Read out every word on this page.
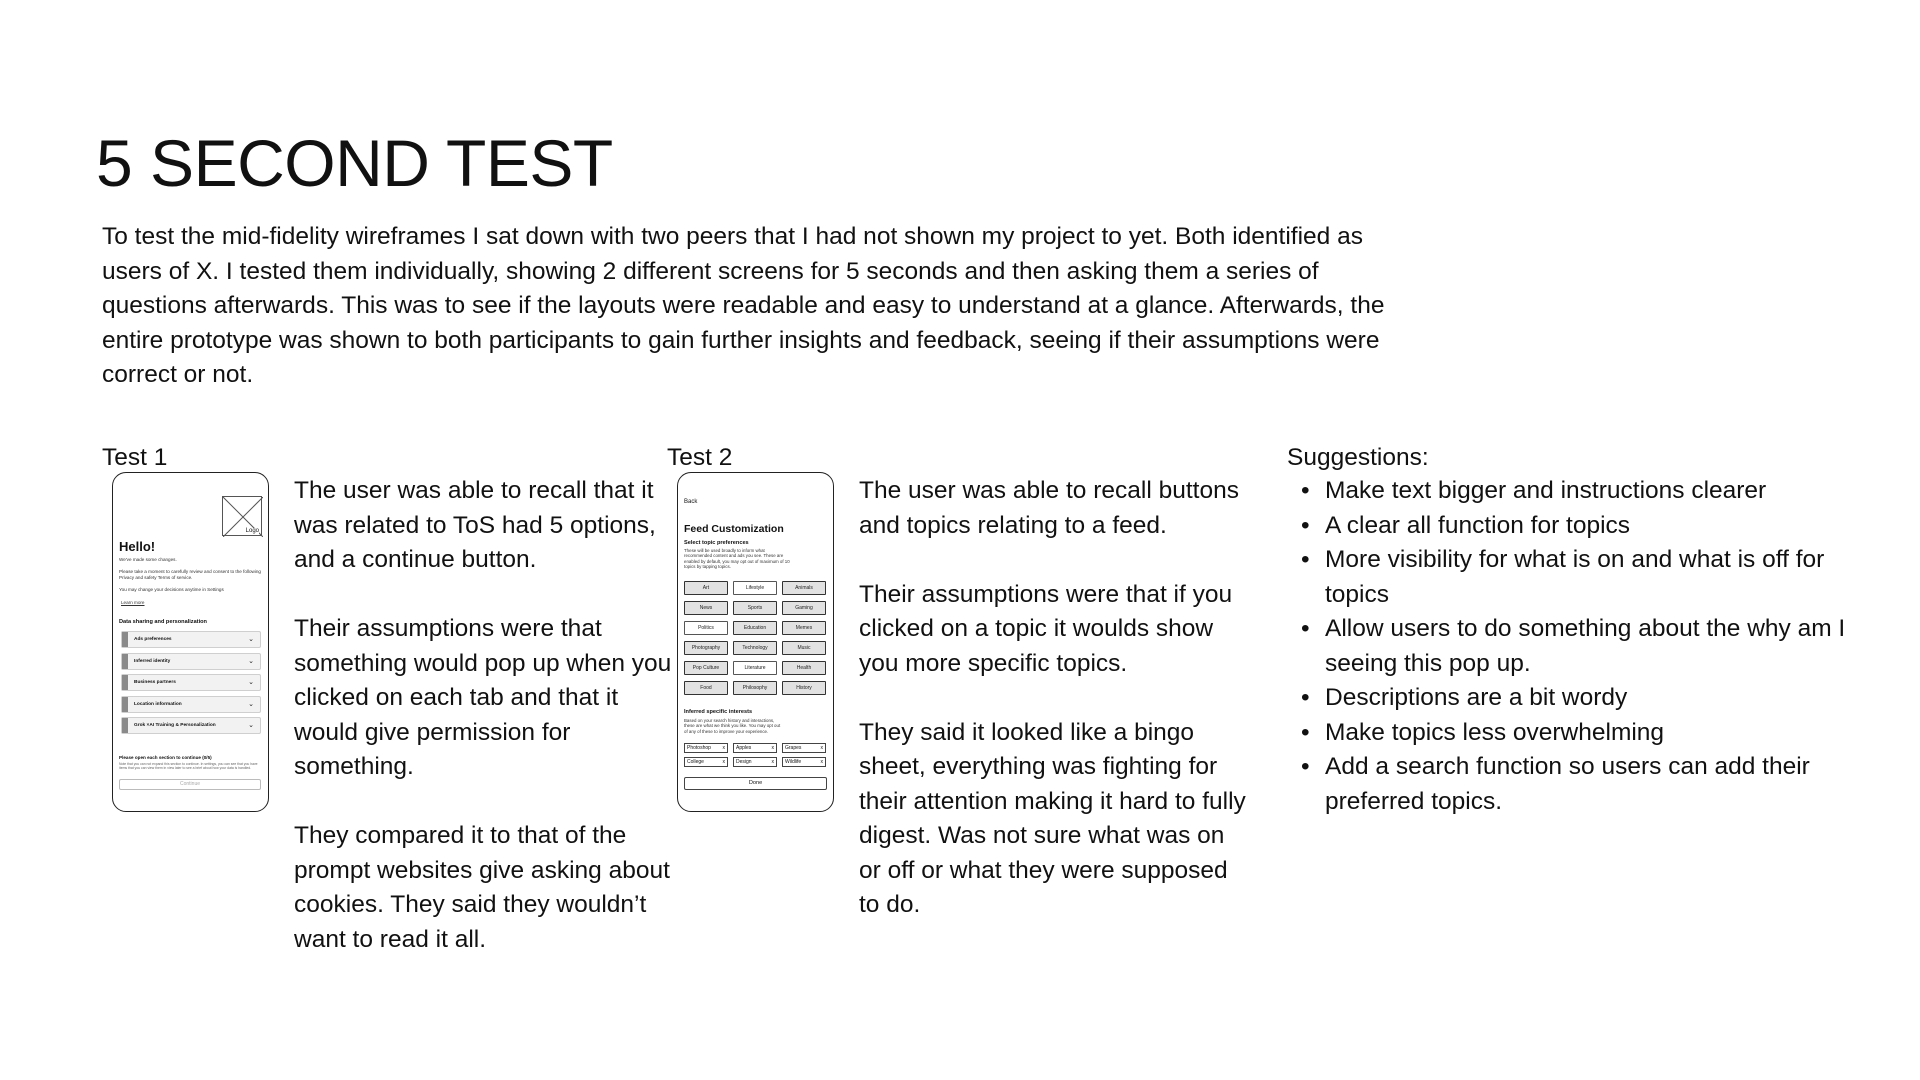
5 SECOND TEST

To test the mid-fidelity wireframes I sat down with two peers that I had not shown my project to yet. Both identified as users of X. I tested them individually, showing 2 different screens for 5 seconds and then asking them a series of questions afterwards. This was to see if the layouts were readable and easy to understand at a glance. Afterwards, the entire prototype was shown to both participants to gain further insights and feedback, seeing if their assumptions were correct or not.

Test 1
Logo
Hello!
We've made some changes.
Please take a moment to carefully review and consent to the following Privacy and safety Terms of service.
You may change your decisions anytime in Settings
Learn more
Data sharing and personalization
Ads preferences	⌄
Inferred identity	⌄
Business partners	⌄
Location information	⌄
Grok ×AI Training & Personalization	⌄
Please open each section to continue (0/5)
Note that you can not expand this section to continue. In settings, you can see that you have items that you can view them in view later to see a brief about how your data is handled.
Continue

The user was able to recall that it was related to ToS had 5 options, and a continue button.

Their assumptions were that something would pop up when you clicked on each tab and that it would give permission for something.

They compared it to that of the prompt websites give asking about cookies. They said they wouldn’t want to read it all.

Test 2
Back
Feed Customization
Select topic preferences
These will be used broadly to inform what recommended content and ads you see. These are enabled by default, you may opt out of maximum of 10 topics by tapping topics.
Art	Lifestyle	Animals
News	Sports	Gaming
Politics	Education	Memes
Photography	Technology	Music
Pop Culture	Literature	Health
Food	Philosophy	History
Inferred specific interests
Based on your search history and interactions, these are what we think you like. You may opt out of any of these to improve your experience.
Photoshop x	Apples	x	Grapes	x
College	x	Design	x	Wildlife	x
Done

The user was able to recall buttons and topics relating to a feed.

Their assumptions were that if you clicked on a topic it woulds show you more specific topics.

They said it looked like a bingo sheet, everything was fighting for their attention making it hard to fully digest. Was not sure what was on or off or what they were supposed to do.

Suggestions:
• Make text bigger and instructions clearer
• A clear all function for topics
• More visibility for what is on and what is off for topics
• Allow users to do something about the why am I seeing this pop up.
• Descriptions are a bit wordy
• Make topics less overwhelming
• Add a search function so users can add their preferred topics.
